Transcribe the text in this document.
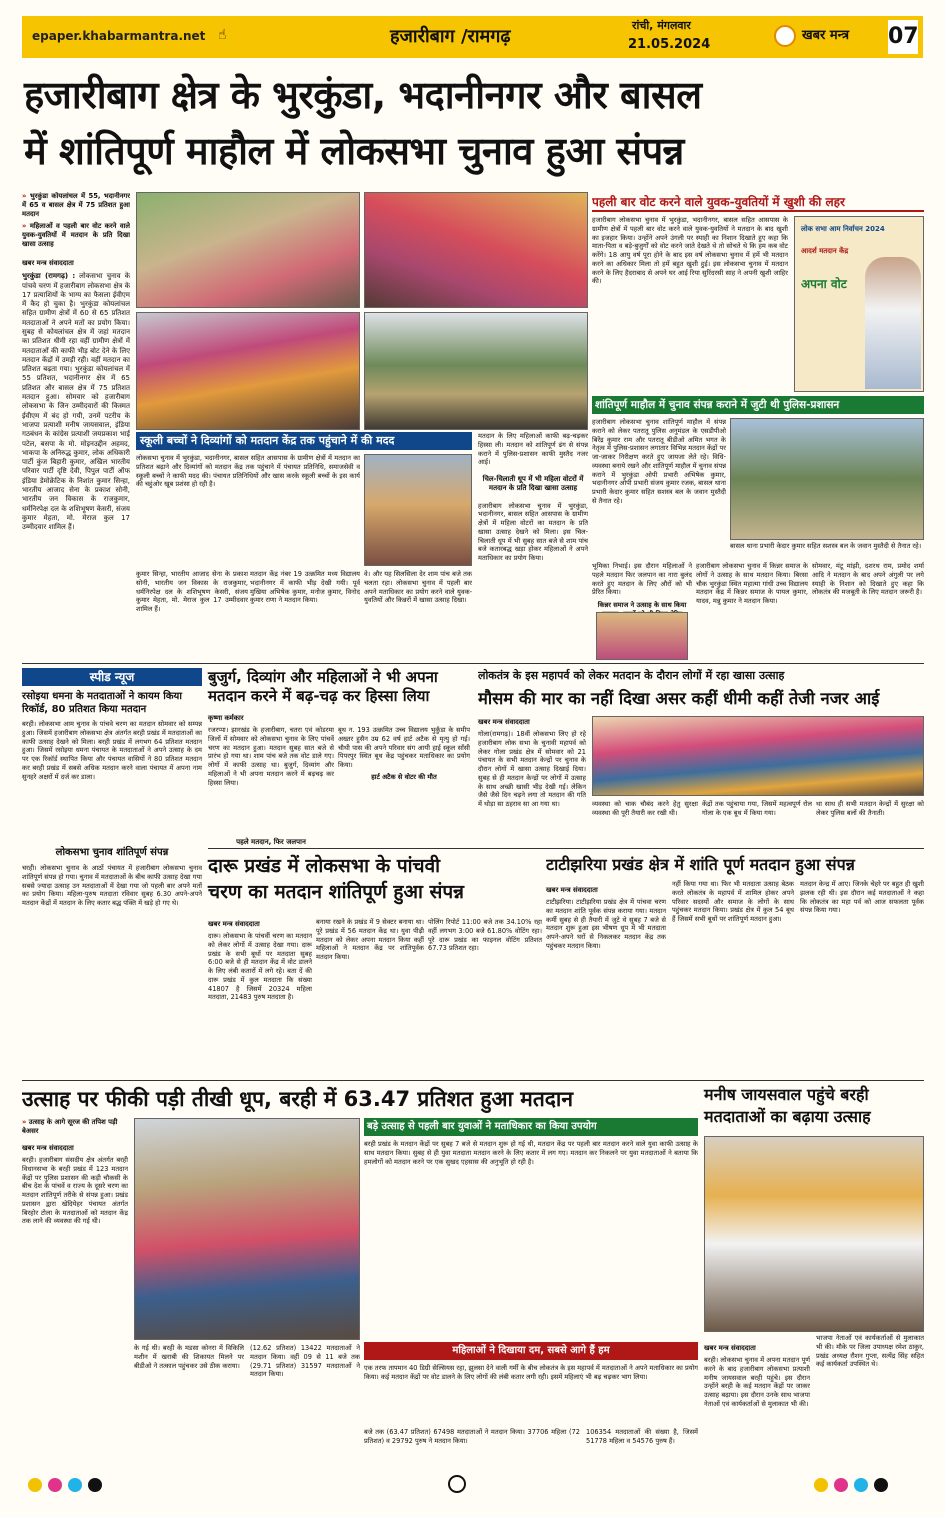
epaper.khabarmantra.net ☝	हजारीबाग /रामगढ़
रांची, मंगलवार
21.05.2024
खबर मन्त्र 07
हजारीबाग क्षेत्र के भुरकुंडा, भदानीनगर और बासल
में शांतिपूर्ण माहौल में लोकसभा चुनाव हुआ संपन्न
» भुरकुंडा कोयलांचल में 55, भदानीनगर में 65 व बासल क्षेत्र में 75 प्रतिशत हुआ मतदान
» महिलाओं व पहली बार वोट करने वाले युवक-युवतियों में मतदान के प्रति दिखा खासा उत्साह
खबर मन्त्र संवाददाता

भुरकुंडा (रामगढ़) : लोकसभा चुनाव के पांचवे चरण में हजारीबाग लोकसभा क्षेत्र के 17 प्रत्याशियों के भाग्य का फैसला ईवीएम में कैद हो चुका है। भुरकुंडा कोयलांचल सहित ग्रामीण क्षेत्रों में 60 से 65 प्रतिशत मतदाताओं ने अपने मतों का प्रयोग किया। सुबह से कोयलांचल क्षेत्र में जहां मतदान का प्रतिशत धीमी रहा वहीं ग्रामीण क्षेत्रों में मतदाताओं की काफी भीड़ बोट देने के लिए मतदान केंद्रों में उमड़ी रही। वहीं मतदान का प्रतिशत बढ़ता गया। भुरकुंडा कोयलांचल में 55 प्रतिशत, भदानीनगर क्षेत्र में 65 प्रतिशत और बासल क्षेत्र में 75 प्रतिशत मतदान हुआ। सोमवार को हजारीबाग लोकसभा के जिन उम्मीदवारों की किस्मत ईवीएम में बंद हो गयी, उनमें पटरीय के भाजपा प्रत्याशी मनीष जायसवाल, इंडिया गठबंधन के कांग्रेस प्रत्याशी जयप्रकाश भाई पटेल, बसपा के मो. मोइनउद्दीन अहमद, भाकपा के अनिरुद्ध कुमार, लोक अधिकारी पार्टी कुंज बिहारी कुमार, अखिल भारतीय परिवार पार्टी दृष्टि देवी, पिपुल पार्टी ऑफ इंडिया डेमोक्रेटिक के निशांत कुमार सिन्हा, भारतीय आजाद सेना के प्रकाश सोनी, भारतीय जन विकास के राजकुमार, धर्मनिरपेक्ष दल के शशिभूषण केसरी, संजय कुमार मेहता, मो. मेराज कुल 17 उम्मीदवार शामिल हैं।

स्कूली बच्चों ने दिव्यांगों को मतदान केंद्र तक पहुंचाने में की मदद
लोकसभा चुनाव में भुरकुंडा, भदानीनगर, बासल सहित आसपास के ग्रामीण क्षेत्रों में मतदान का प्रतिशत बढ़ाने और दिव्यांगों को मतदान केंद्र तक पहुंचाने में पंचायत प्रतिनिधि, समाजसेवी व स्कूली बच्चों ने काफी मदद की। पंचायत प्रतिनिधियों और खास करके स्कूली बच्चों के इस कार्य की चहुंओर खूब प्रशंसा हो रही है।
कुमार सिन्हा, भारतीय आजाद सेना के प्रकाश सोनी, भारतीय जन विकास के राजकुमार, धर्मनिरपेक्ष दल के शशिभूषण केसरी, संजय कुमार मेहता, मो. मेराज कुल 17 उम्मीदवार शामिल हैं।
मतदान केंद्र नंबर 19 उत्क्रमित मध्य विद्यालय भदानीनगर में काफी भीड़ देखी गयी। पूर्व मुखिया अभिषेक कुमार, मनोज कुमार, विनोद कुमार राणा ने मतदान किया।
वे। और यह सिलसिला देर शाम पांच बजे तक चलता रहा। लोकसभा चुनाव में पहली बार अपने मताधिकार का प्रयोग करने वाले युवक-युवतियों और किन्नरों में खासा उत्साह दिखा।

मतदान के लिए महिलाओं काफी बढ़-चढ़कर हिस्सा ली। मतदान को शांतिपूर्ण ढंग से संपन्न कराने में पुलिस-प्रशासन काफी मुस्तैद नजर आई।

चिल-चिलाती धूप में भी महिला वोटरों में मतदान के प्रति दिखा खासा उत्साह

हजारीबाग लोकसभा चुनाव में भुरकुंडा, भदानीनगर, बासल सहित आसपास के ग्रामीण क्षेत्रों में महिला वोटरों का मतदान के प्रति खासा उत्साह देखने को मिला। इस चिल-चिलाती धूप में भी सुबह सात बजे से शाम पांच बजे कतारबद्ध खड़ा होकर महिलाओं ने अपने मताधिकार का प्रयोग किया।

पहली बार वोट करने वाले युवक-युवतियों में खुशी की लहर
हजारीबाग लोकसभा चुनाव में भुरकुंडा, भदानीनगर, बासल सहित आसपास के ग्रामीण क्षेत्रों में पहली बार वोट करने वाले युवक-युवतियों ने मतदान के बाद खुशी का इजहार किया। उन्होंने अपने उंगली पर स्याही का निशान दिखाते हुए कहा कि माता-पिता व बड़े-बुजुर्गों को वोट करने जाते देखते थे तो सोचते थे कि हम कब वोट करेंगे। 18 आयु वर्ष पूरा होने के बाद इस वर्ष लोकसभा चुनाव में हमें भी मतदान करने का अधिकार मिला तो हमें बहुत खुशी हुई। इस लोकसभा चुनाव में मतदान करने के लिए हैदराबाद से अपने घर आई रिया सुरिंदरसी साह ने अपनी खुशी जाहिर की।
लोक सभा आम निर्वाचन 2024
आदर्श मतदान केंद्र
अपना वोट
शांतिपूर्ण माहौल में चुनाव संपन्न कराने में जुटी थी पुलिस-प्रशासन
हजारीबाग लोकसभा चुनाव शांतिपूर्ण माहौल में संपन्न कराने को लेकर पतरातू पुलिस अनुमंडल के एसडीपीओ बिरेंद्र कुमार राम और पतरातू बीडीओ अमित भगत के नेतृत्व में पुलिस-प्रशासन लगातार विभिन्न मतदान केंद्रों पर जा-जाकर निरीक्षण करते हुए जायजा लेते रहे। विधि-व्यवस्था बनाये रखने और शांतिपूर्ण माहौल में चुनाव संपन्न कराने में भुरकुंडा ओपी प्रभारी अभिषेक कुमार, भदानीनगर ओपी प्रभारी संजय कुमार रजक, बासल थाना प्रभारी केदार कुमार सहित सशस्त्र बल के जवान मुस्तैदी से तैनात रहे।
बासल थाना प्रभारी केदार कुमार सहित सशस्त्र बल के जवान मुस्तैदी से तैनात रहे।

भूमिका निभाई। इस दौरान महिलाओं ने पहले मतदान फिर जलपान का नारा बुलंद करते हुए मतदान के लिए औरों को भी प्रेरित किया।

किन्नर समाज ने उत्साह के साथ किया
हजारीबाग लोकसभा चुनाव में किन्नर समाज के लोगों ने उत्साह के साथ मतदान किया। बिरसा चौक भुरकुंडा स्थित महात्मा गांधी उच्च विद्यालय मतदान केंद्र में किन्नर समाज के पायल कुमार, यादव, मन्नु कुमार ने मतदान किया।
सोमवार, मंटू मांझी, दशरथ राम, प्रमोद शर्मा आदि ने मतदान के बाद अपने अंगुली पर लगे स्याही के निशान को दिखाते हुए कहा कि लोकतंत्र की मजबूती के लिए मतदान जरूरी है।
स्पीड न्यूज
रसोइया धमना के मतदाताओं ने कायम किया रिकॉर्ड, 80 प्रतिशत किया मतदान
बरही। लोकसभा आम चुनाव के पांचवे चरण का मतदान सोमवार को सम्पन्न हुआ। जिसमें हजारीबाग लोकसभा क्षेत्र अंतर्गत बरही प्रखंड में मतदाताओं का काफी उत्साह देखने को मिला। बरही प्रखंड में लगभग 64 प्रतिशत मतदान हुआ। जिसमें रसोइया धमना पंचायत के मतदाताओं ने अपने उत्साह के दम पर एक रिकॉर्ड स्थापित किया और पंचायत वासियों ने 80 प्रतिशत मतदान कर बरही प्रखंड में सबसे अधिक मतदान करने वाला पंचायत में अपना नाम सुनहरे अक्षरों में दर्ज कर डाला।
लोकसभा चुनाव शांतिपूर्ण संपन्न
चरही। लोकसभा चुनाव के आठों पंचायत में हजारीबाग लोकसभा चुनाव शांतिपूर्ण संपन्न हो गया। चुनाव में मतदाताओं के बीच काफी उत्साह देखा गया सबसे ज्यादा उत्साह उन मतदाताओं में देखा गया जो पहली बार अपने मतों का प्रयोग किया। महिला-पुरुष मतदाता रविवार सुबह 6.30 अपने-अपने मतदान केंद्रों में मतदान के लिए कतार बद्ध पंक्ति में खड़े हो गए थे।
बुजुर्ग, दिव्यांग और महिलाओं ने भी अपना मतदान करने में बढ़-चढ़ कर हिस्सा लिया
कृष्णा कर्मकार
रजरप्पा। झारखंड के हजारीबाग, चतरा एवं कोडरमा जिलों में सोमवार को लोकसभा चुनाव के लिए पांचवें चरण का मतदान हुआ। मतदान सुबह सात बजे से प्रारंभ हो गया था। शाम पांच बजे तक वोट डाले गए। लोगों में काफी उत्साह था। बुजुर्ग, दिव्यांग और महिलाओं ने भी अपना मतदान करने में बढ़चढ़ कर हिस्सा लिया।
बूथ न. 193 उत्क्रमित उच्च विद्यालय भुर्कुंडा के समीप अख्तर हुसैन उम्र 62 वर्ष हार्ट अटैक से मृत्यु हो गई। चौथी पास की अपने परिवार संग आयी हाई स्कूल साँसी पिपरपुर स्थित बूथ केंद्र पहुंचकर मताधिकार का प्रयोग किया।
हार्ट अटैक से वोटर की मौत
पहले मतदान, फिर जलपान
लोकतंत्र के इस महापर्व को लेकर मतदान के दौरान लोगों में रहा खासा उत्साह
मौसम की मार का नहीं दिखा असर कहीं धीमी कहीं तेजी नजर आई
खबर मन्त्र संवाददाता
गोला(रामगढ़)। 18वीं लोकसभा लिए हो रहे हजारीबाग लोक सभा के चुनावी महापर्व को लेकर गोला प्रखंड क्षेत्र में सोमवार को 21 पंचायत के सभी मतदान केन्द्रों पर चुनाव के दौरान लोगों में खासा उत्साह दिखाई दिया। सुबह से ही मतदान केन्द्रों पर लोगों में उत्साह के साथ अच्छी खासी भीड़ देखी गई। लेकिन जैसे जैसे दिन चढ़ने लगा तो मतदान की गति में थोड़ा सा ठहराव सा आ गया था।	व्यवस्था को चाक चौबंद करने हेतु सुरक्षा व्यवस्था की पूरी तैयारी कर रखी थी।
केंद्रों तक पहुंचाया गया, जिसमें महत्वपूर्ण रोल गोला के एक बूथ में किया गया।
था साथ ही सभी मतदान केन्द्रों में सुरक्षा को लेकर पुलिस बलों की तैनाती।
दारू प्रखंड में लोकसभा के पांचवी
चरण का मतदान शांतिपूर्ण हुआ संपन्न
खबर मन्त्र संवाददाता
दारू। लोकसभा के पांचवीं चरण का मतदान को लेकर लोगों में उत्साह देखा गया। दारू प्रखंड के सभी बूथों पर मतदाता सुबह 6:00 बजे से ही मतदान केंद्र में वोट डालने के लिए लंबी कतारों में लगे रहे। बता दें की दारू प्रखंड में कुल मतदाता कि संख्या 41807 है जिसमें 20324 महिला मतदाता, 21483 पुरुष मतदाता है।
बनाया रखने के प्रखंड में 9 सेक्टर बनाया था। पूरे प्रखंड में 56 मतदान केंद्र था। युवा पीढ़ी मतदान को लेकर अपना मतदान किया कहीं महिलाओं ने मतदान केंद्र पर शांतिपूर्वक मतदान किया।
पोलिंग रिपोर्ट 11:00 बजे तक 34.10% रहा वहीं लगभग 3:00 बजे 61.80% वोटिंग रहा। पूरे दारू प्रखंड का फाइनल वोटिंग प्रतिशत 67.73 प्रतिशत रहा।
टाटीझरिया प्रखंड क्षेत्र में शांति पूर्ण मतदान हुआ संपन्न
खबर मन्त्र संवाददाता
टाटीझरिया। टाटीझरिया प्रखंड क्षेत्र में पांचवा चरण का मतदान शांति पूर्वक संपन्न कराया गया। मतदान कर्मी सुबह से ही तैयारी में जुटे थे सुबह 7 बजे से मतदान शुरू हुआ इस भीषण धूप में भी मतदाता अपने-अपने घरों से निकलकर मतदान केंद्र तक पहुंचकर मतदान किया।
नहीं किया गया था। फिर भी मतदाता उत्साह बेठक करते लोकतंत्र के महापर्व में शामिल होकर अपने परिवार सदस्यों और समाज के लोगों के साथ पहुंचकर मतदान किया। प्रखंड क्षेत्र में कुल 54 बूथ हैं जिसमें सभी बूथों पर शांतिपूर्ण मतदान हुआ।
मतदान केन्द्र में आए। जिनके चेहरे पर बहुत ही खुशी झलक रही थी। इस दौरान कई मतदाताओं ने कहा कि लोकतंत्र का महा पर्व को आज सफलता पूर्वक संपन्न किया गया।
उत्साह पर फीकी पड़ी तीखी धूप, बरही में 63.47 प्रतिशत हुआ मतदान
» उत्साह के आगे सूरज की तपिश पड़ी बेअसर
खबर मन्त्र संवाददाता
बरही। हजारीबाग संसदीय क्षेत्र अंतर्गत बरही विधानसभा के बरही प्रखंड में 123 मतदान केंद्रों पर पुलिस प्रशासन की कड़ी चौकसी के बीच देश के पांचवें व राज्य के दूसरे चरण का मतदान शांतिपूर्ण तरीके से संपन्न हुआ। प्रखंड प्रशासन द्वारा खेदियेहर पंचायत अंतर्गत बिरहोर टोला के मतदाताओं को मतदान केंद्र तक लाने की व्यवस्था की गई थी।
बड़े उत्साह से पहली बार युवाओं ने मताधिकार का किया उपयोग
बरही प्रखंड के मतदान केंद्रों पर सुबह 7 बजे से मतदान शुरू हो गई थी, मतदान केंद्र पर पहली बार मतदान करने वाले युवा काफी उत्साह के साथ मतदान किया। सुबह से ही युवा मतदाता मतदान करने के लिए कतार में लग गए। मतदान कर निकलने पर युवा मतदाताओं ने बताया कि हमलोगों को मतदान करने पर एक सुखद एहसास की अनुभूति हो रही है।
महिलाओं ने दिखाया दम, सबसे आगे हैं हम
एक तरफ तापमान 40 डिग्री सेल्सियस रहा, झुलसा देने वाली गर्मी के बीच लोकतंत्र के इस महापर्व में मतदाताओं ने अपने मताधिकार का प्रयोग किया। कई मतदान केंद्रों पर वोट डालने के लिए लोगों की लंबी कतार लगी रही। इसमें महिलाएं भी बढ़ चढ़कर भाग लिया।
के गई थी। बरही के मडसा कोनरा में विकिलि मशीन में खराबी की शिकायत मिलने पर बीडीओ ने तत्काल पहुंचकर उसे ठीक कराया।
(12.62 प्रतिशत) 13422 मतदाताओं ने मतदान किया। वहीं 09 से 11 बजे तक (29.71 प्रतिशत) 31597 मतदाताओं ने मतदान किया।
बजे तक (63.47 प्रतिशत) 67498 मतदाताओं ने मतदान किया। 37706 महिला (72 प्रतिशत) व 29792 पुरुष ने मतदान किया।
106354 मतदाताओं की संख्या है, जिसमें 51778 महिला व 54576 पुरुष हैं।
मनीष जायसवाल पहुंचे बरही मतदाताओं का बढ़ाया उत्साह
खबर मन्त्र संवाददाता
बरही। लोकसभा चुनाव में अपना मतदान पूर्ण करने के बाद हजारीबाग लोकसभा प्रत्याशी मनीष जायसवाल बरही पहुंचे। इस दौरान उन्होंने बरही के कई मतदान केंद्रों पर जाकर उत्साह बढ़ाया। इस दौरान उनके साथ भाजपा नेताओं एवं कार्यकर्ताओं से मुलाकात भी की।
भाजपा नेताओं एवं कार्यकर्ताओं से मुलाकात भी की। मौके पर जिला उपाध्यक्ष रमेश ठाकुर, प्रखंड अध्यक्ष रौशन गुप्ता, सत्येंद्र सिंह सहित कई कार्यकर्ता उपस्थित थे।
